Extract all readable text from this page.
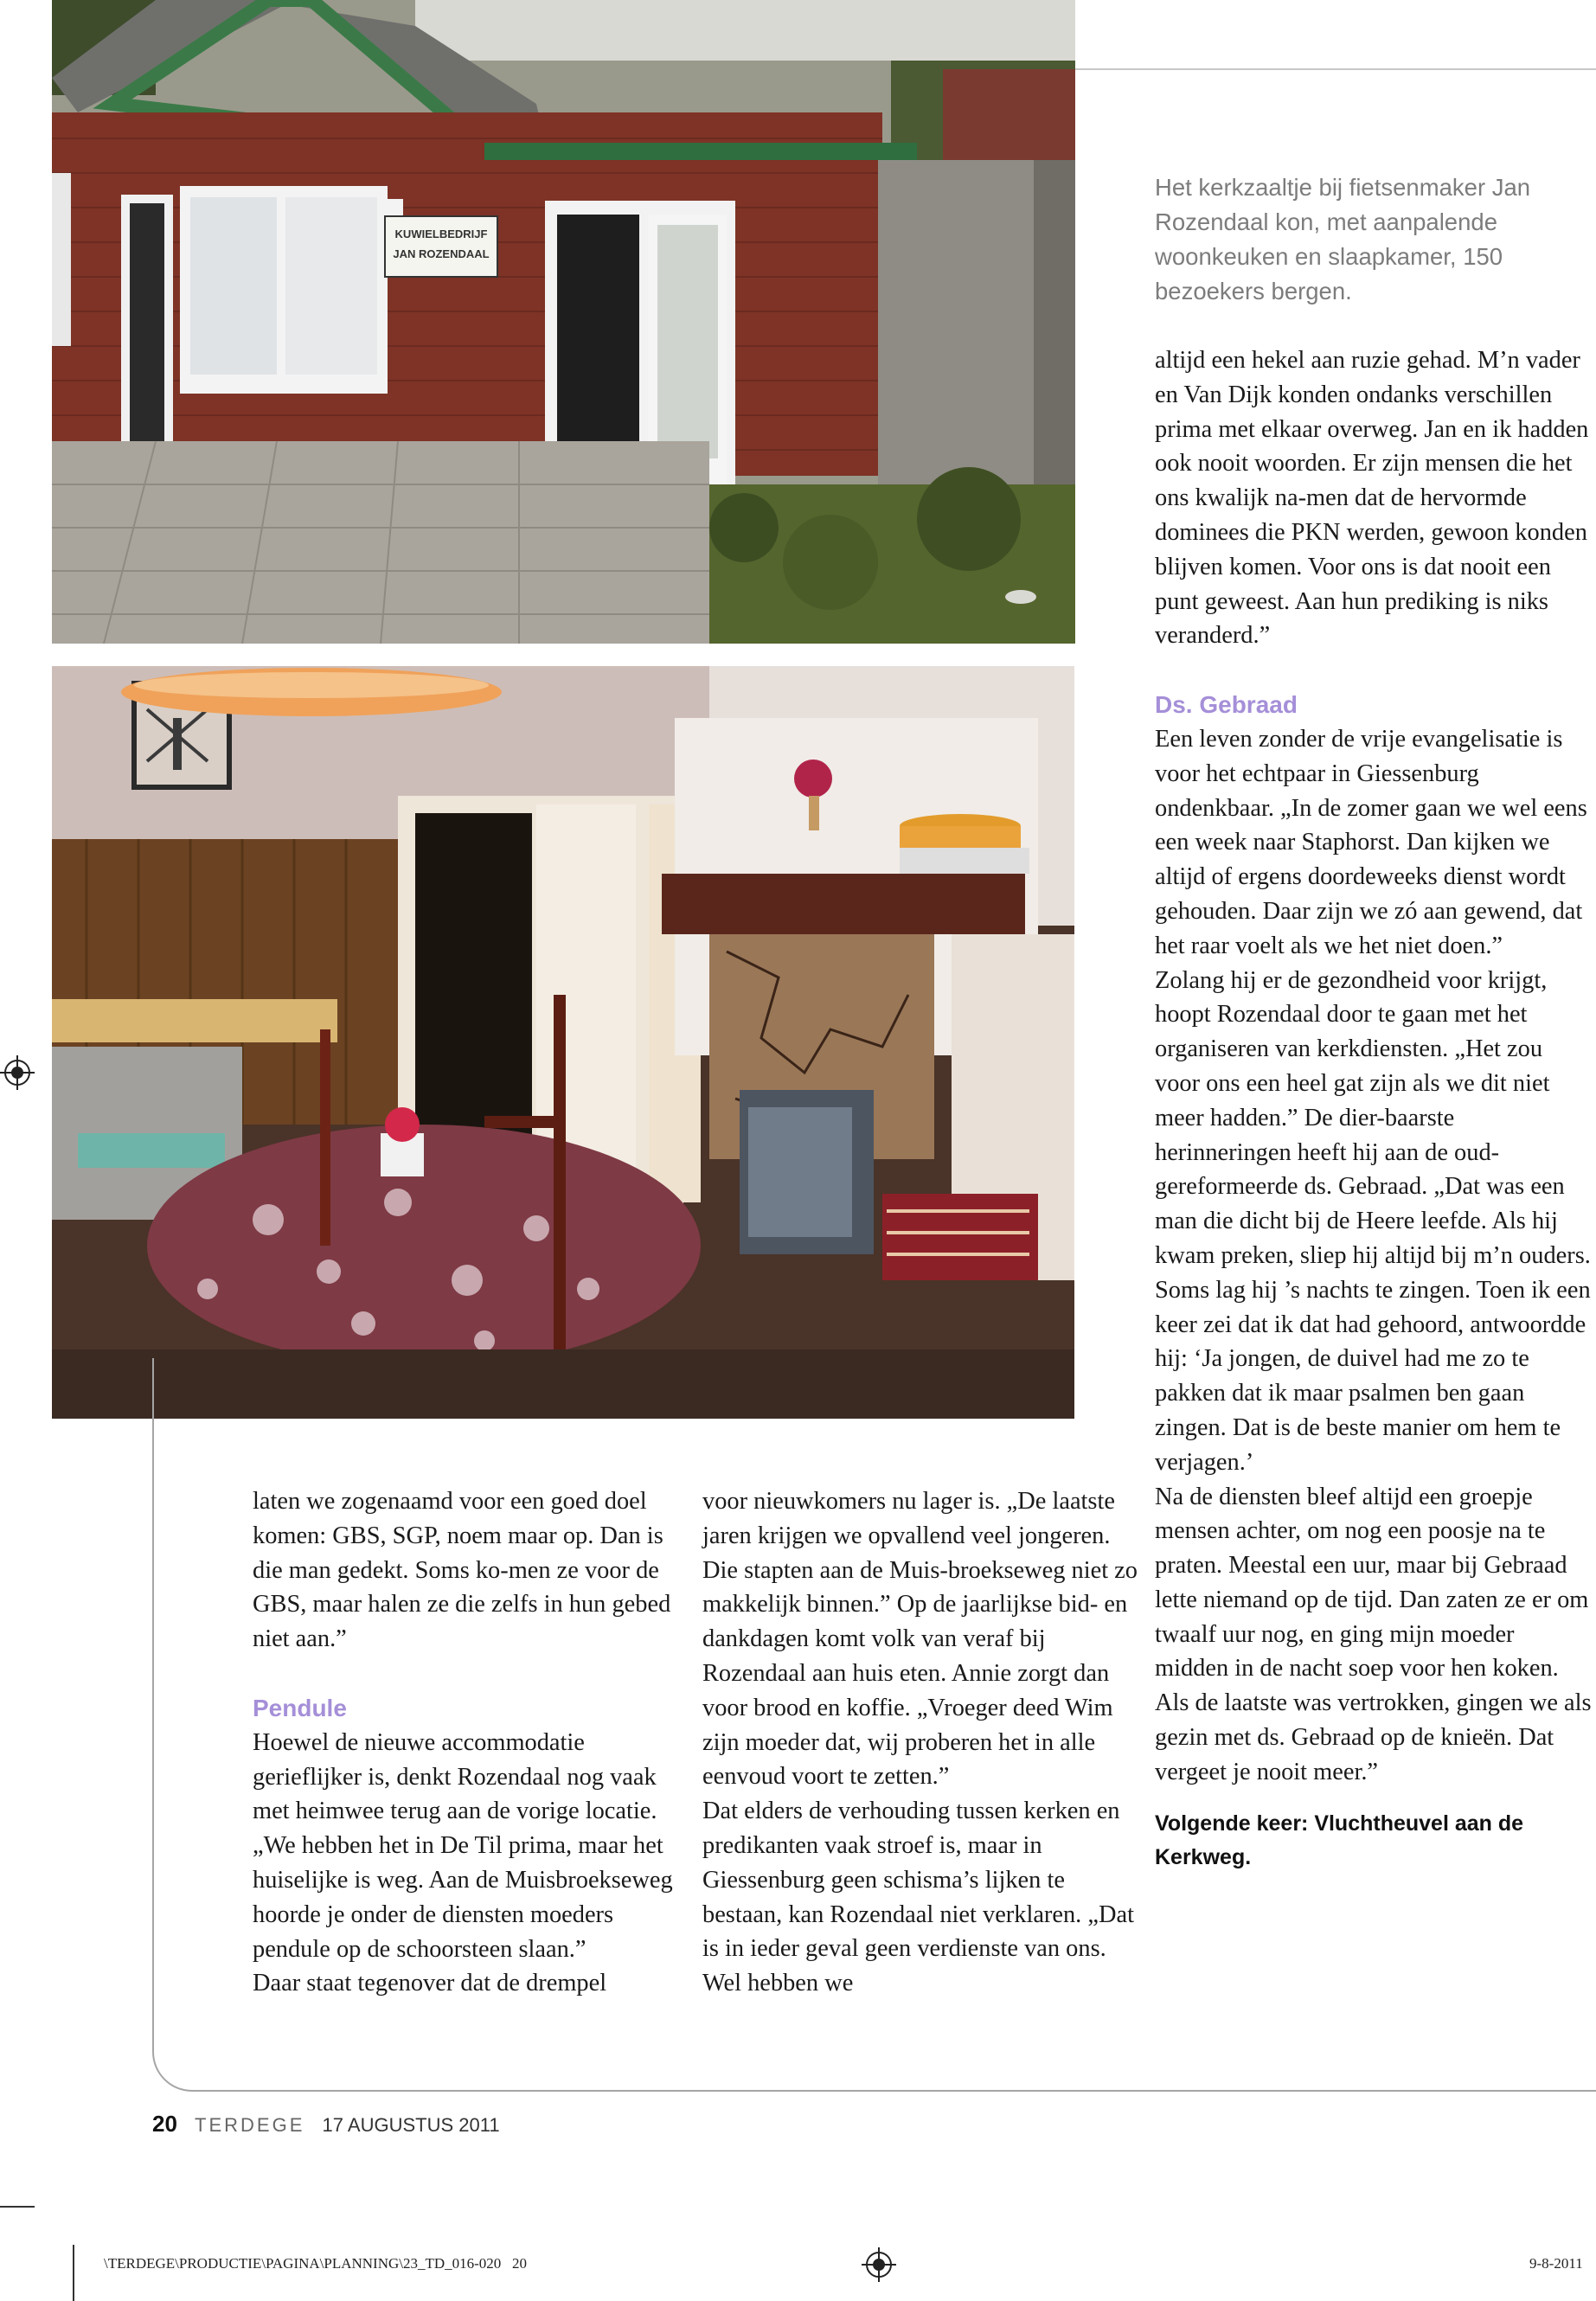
KUWIELBEDRIJF
JAN ROZENDAAL
Het kerkzaaltje bij fietsenmaker Jan Rozendaal kon, met aanpalende woonkeuken en slaapkamer, 150 bezoekers bergen.

laten we zogenaamd voor een goed doel komen: GBS, SGP, noem maar op. Dan is die man gedekt. Soms ko-men ze voor de GBS, maar halen ze die zelfs in hun gebed niet aan.”

Pendule

Hoewel de nieuwe accommodatie gerieflijker is, denkt Rozendaal nog vaak met heimwee terug aan de vorige locatie. „We hebben het in De Til prima, maar het huiselijke is weg. Aan de Muisbroekseweg hoorde je onder de diensten moeders pendule op de schoorsteen slaan.”

Daar staat tegenover dat de drempel

voor nieuwkomers nu lager is. „De laatste jaren krijgen we opvallend veel jongeren. Die stapten aan de Muis-broekseweg niet zo makkelijk binnen.” Op de jaarlijkse bid- en dankdagen komt volk van veraf bij Rozendaal aan huis eten. Annie zorgt dan voor brood en koffie. „Vroeger deed Wim zijn moeder dat, wij proberen het in alle eenvoud voort te zetten.”

Dat elders de verhouding tussen kerken en predikanten vaak stroef is, maar in Giessenburg geen schisma’s lijken te bestaan, kan Rozendaal niet verklaren. „Dat is in ieder geval geen verdienste van ons. Wel hebben we

altijd een hekel aan ruzie gehad. M’n vader en Van Dijk konden ondanks verschillen prima met elkaar overweg. Jan en ik hadden ook nooit woorden. Er zijn mensen die het ons kwalijk na-men dat de hervormde dominees die PKN werden, gewoon konden blijven komen. Voor ons is dat nooit een punt geweest. Aan hun prediking is niks veranderd.”

Ds. Gebraad

Een leven zonder de vrije evangelisatie is voor het echtpaar in Giessenburg ondenkbaar. „In de zomer gaan we wel eens een week naar Staphorst. Dan kijken we altijd of ergens doordeweeks dienst wordt gehouden. Daar zijn we zó aan gewend, dat het raar voelt als we het niet doen.”

Zolang hij er de gezondheid voor krijgt, hoopt Rozendaal door te gaan met het organiseren van kerkdiensten. „Het zou voor ons een heel gat zijn als we dit niet meer hadden.” De dier-baarste herinneringen heeft hij aan de oud-gereformeerde ds. Gebraad. „Dat was een man die dicht bij de Heere leefde. Als hij kwam preken, sliep hij altijd bij m’n ouders. Soms lag hij ’s nachts te zingen. Toen ik een keer zei dat ik dat had gehoord, antwoordde hij: ‘Ja jongen, de duivel had me zo te pakken dat ik maar psalmen ben gaan zingen. Dat is de beste manier om hem te verjagen.’

Na de diensten bleef altijd een groepje mensen achter, om nog een poosje na te praten. Meestal een uur, maar bij Gebraad lette niemand op de tijd. Dan zaten ze er om twaalf uur nog, en ging mijn moeder midden in de nacht soep voor hen koken. Als de laatste was vertrokken, gingen we als gezin met ds. Gebraad op de knieën. Dat vergeet je nooit meer.”

Volgende keer: Vluchtheuvel aan de Kerkweg.

20 TERDEGE 17 AUGUSTUS 2011
\TERDEGE\PRODUCTIE\PAGINA\PLANNING\23_TD_016-020   20	9-8-2011
